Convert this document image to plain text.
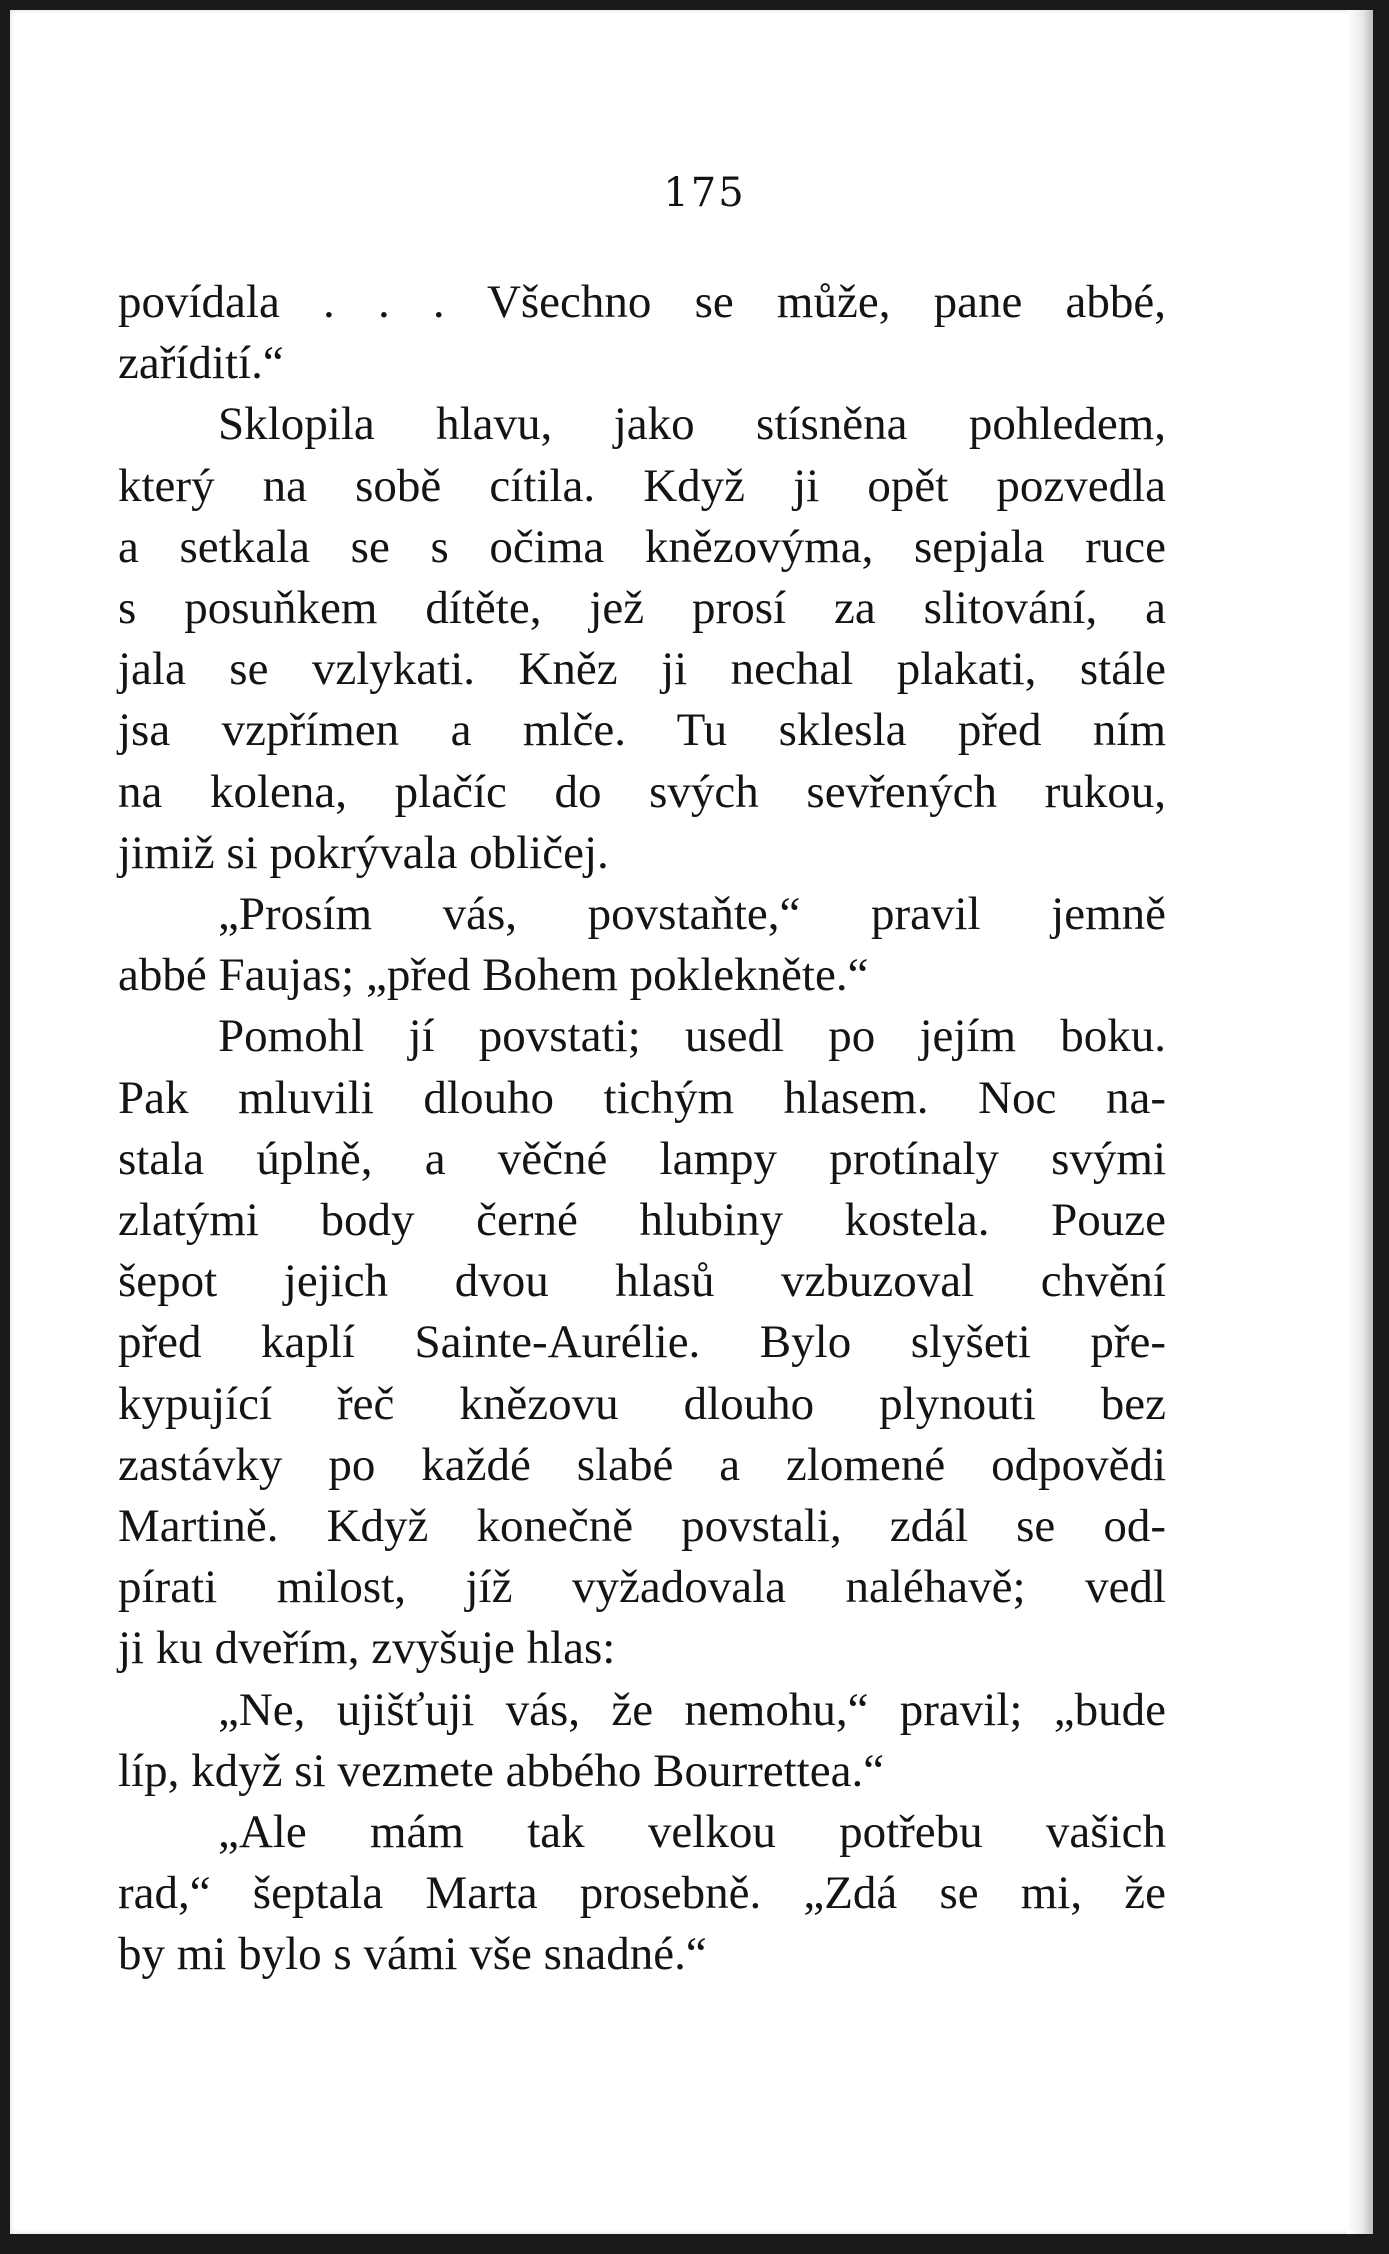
175

povídala . . . Všechno se může, pane abbé,

zařídití.“

Sklopila hlavu, jako stísněna pohledem,

který na sobě cítila. Když ji opět pozvedla

a setkala se s očima knězovýma, sepjala ruce

s posuňkem dítěte, jež prosí za slitování, a

jala se vzlykati. Kněz ji nechal plakati, stále

jsa vzpřímen a mlče. Tu sklesla před ním

na kolena, plačíc do svých sevřených rukou,

jimiž si pokrývala obličej.

„Prosím vás, povstaňte,“ pravil jemně

abbé Faujas; „před Bohem poklekněte.“

Pomohl jí povstati; usedl po jejím boku.

Pak mluvili dlouho tichým hlasem. Noc na-

stala úplně, a věčné lampy protínaly svými

zlatými body černé hlubiny kostela. Pouze

šepot jejich dvou hlasů vzbuzoval chvění

před kaplí Sainte-Aurélie. Bylo slyšeti pře-

kypující řeč knězovu dlouho plynouti bez

zastávky po každé slabé a zlomené odpovědi

Martině. Když konečně povstali, zdál se od-

pírati milost, jíž vyžadovala naléhavě; vedl

ji ku dveřím, zvyšuje hlas:

„Ne, ujišťuji vás, že nemohu,“ pravil; „bude

líp, když si vezmete abbého Bourrettea.“

„Ale mám tak velkou potřebu vašich

rad,“ šeptala Marta prosebně. „Zdá se mi, že

by mi bylo s vámi vše snadné.“
